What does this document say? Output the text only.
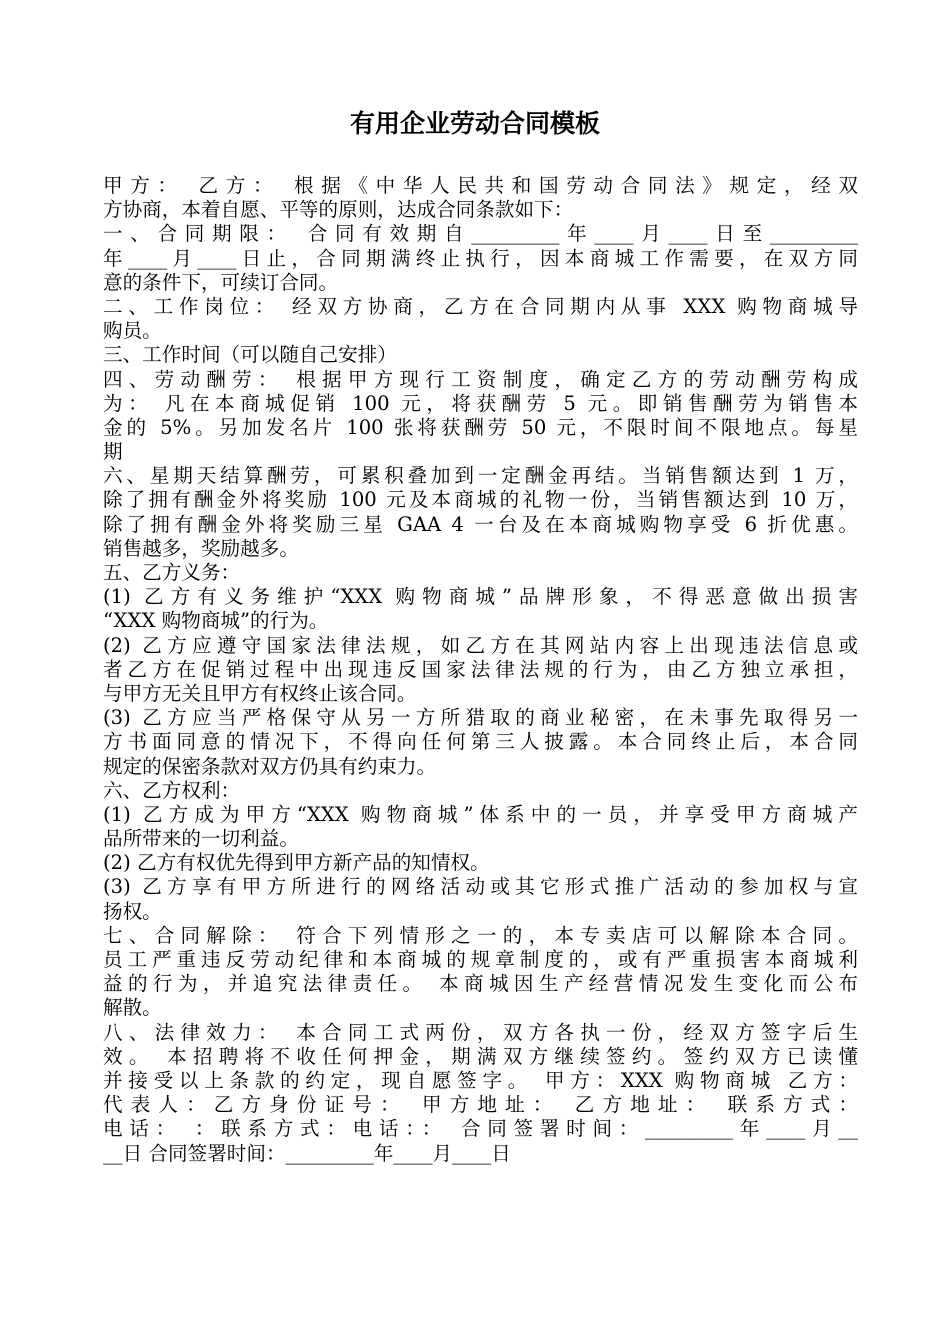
有用企业劳动合同模板
甲方： 乙方： 根据《中华人民共和国劳动合同法》规定，经双
方协商，本着自愿、平等的原则，达成合同条款如下：
一、合同期限： 合同有效期自_________年____月____日至_________
年____月____日止，合同期满终止执行，因本商城工作需要，在双方同
意的条件下，可续订合同。
二、工作岗位： 经双方协商，乙方在合同期内从事 XXX 购物商城导
购员。
三、工作时间（可以随自己安排）
四、劳动酬劳： 根据甲方现行工资制度，确定乙方的劳动酬劳构成
为： 凡在本商城促销 100 元，将获酬劳 5 元。即销售酬劳为销售本
金的 5%。另加发名片 100 张将获酬劳 50 元，不限时间不限地点。每星
期
六、星期天结算酬劳，可累积叠加到一定酬金再结。当销售额达到 1 万，
除了拥有酬金外将奖励 100 元及本商城的礼物一份，当销售额达到 10 万，
除了拥有酬金外将奖励三星 GAA 4 一台及在本商城购物享受 6 折优惠。
销售越多，奖励越多。
五、乙方义务：
(1) 乙方有义务维护“XXX 购物商城”品牌形象，不得恶意做出损害
“XXX 购物商城”的行为。
(2) 乙方应遵守国家法律法规，如乙方在其网站内容上出现违法信息或
者乙方在促销过程中出现违反国家法律法规的行为，由乙方独立承担，
与甲方无关且甲方有权终止该合同。
(3) 乙方应当严格保守从另一方所猎取的商业秘密，在未事先取得另一
方书面同意的情况下，不得向任何第三人披露。本合同终止后，本合同
规定的保密条款对双方仍具有约束力。
六、乙方权利：
(1) 乙方成为甲方“XXX 购物商城”体系中的一员，并享受甲方商城产
品所带来的一切利益。
(2) 乙方有权优先得到甲方新产品的知情权。
(3) 乙方享有甲方所进行的网络活动或其它形式推广活动的参加权与宣
扬权。
七、合同解除： 符合下列情形之一的，本专卖店可以解除本合同。
员工严重违反劳动纪律和本商城的规章制度的，或有严重损害本商城利
益的行为，并追究法律责任。 本商城因生产经营情况发生变化而公布
解散。
八、法律效力： 本合同工式两份，双方各执一份，经双方签字后生
效。 本招聘将不收任何押金，期满双方继续签约。签约双方已读懂
并接受以上条款的约定，现自愿签字。 甲方：XXX 购物商城 乙方：
代表人：乙方身份证号： 甲方地址： 乙方地址： 联系方式：
电话： ：联系方式：电话：： 合同签署时间：_________年____月__
__日 合同签署时间：_________年____月____日
